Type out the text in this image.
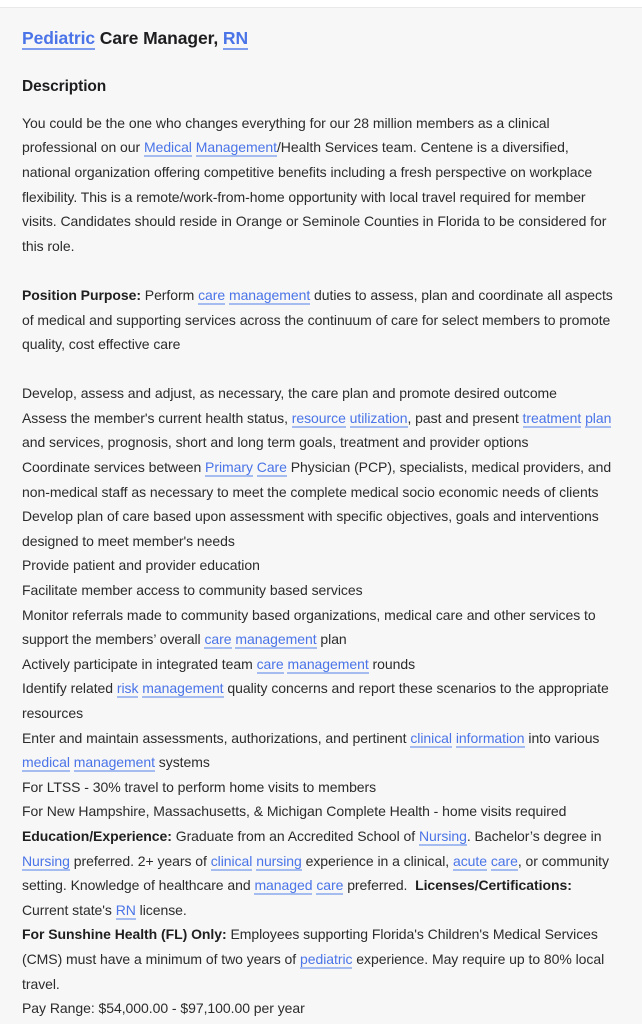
Pediatric Care Manager, RN
Description
You could be the one who changes everything for our 28 million members as a clinical professional on our Medical Management/Health Services team. Centene is a diversified, national organization offering competitive benefits including a fresh perspective on workplace flexibility. This is a remote/work-from-home opportunity with local travel required for member visits. Candidates should reside in Orange or Seminole Counties in Florida to be considered for this role.
Position Purpose: Perform care management duties to assess, plan and coordinate all aspects of medical and supporting services across the continuum of care for select members to promote quality, cost effective care
Develop, assess and adjust, as necessary, the care plan and promote desired outcome
Assess the member's current health status, resource utilization, past and present treatment plan and services, prognosis, short and long term goals, treatment and provider options
Coordinate services between Primary Care Physician (PCP), specialists, medical providers, and non-medical staff as necessary to meet the complete medical socio economic needs of clients
Develop plan of care based upon assessment with specific objectives, goals and interventions designed to meet member's needs
Provide patient and provider education
Facilitate member access to community based services
Monitor referrals made to community based organizations, medical care and other services to support the members’ overall care management plan
Actively participate in integrated team care management rounds
Identify related risk management quality concerns and report these scenarios to the appropriate resources
Enter and maintain assessments, authorizations, and pertinent clinical information into various medical management systems
For LTSS - 30% travel to perform home visits to members
For New Hampshire, Massachusetts, & Michigan Complete Health - home visits required
Education/Experience: Graduate from an Accredited School of Nursing. Bachelor’s degree in Nursing preferred. 2+ years of clinical nursing experience in a clinical, acute care, or community setting. Knowledge of healthcare and managed care preferred.  Licenses/Certifications: Current state's RN license.
For Sunshine Health (FL) Only: Employees supporting Florida's Children's Medical Services (CMS) must have a minimum of two years of pediatric experience. May require up to 80% local travel.
Pay Range: $54,000.00 - $97,100.00 per year
